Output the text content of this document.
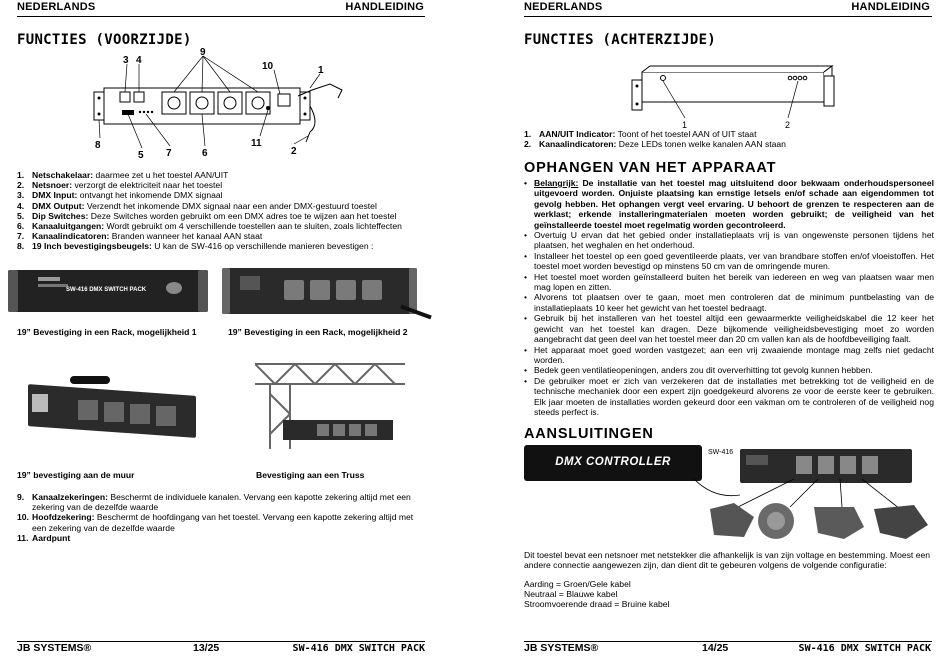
NEDERLANDS	HANDLEIDING
FUNCTIES (VOORZIJDE)
3 4
9
10	1
8
5 7	6
11
2
1. Netschakelaar: daarmee zet u het toestel AAN/UIT
2. Netsnoer: verzorgt de elektriciteit naar het toestel
3. DMX Input: ontvangt het inkomende DMX signaal
4. DMX Output: Verzendt het inkomende DMX signaal naar een ander DMX-gestuurd toestel
5. Dip Switches: Deze Switches worden gebruikt om een DMX adres toe te wijzen aan het toestel
6. Kanaaluitgangen: Wordt gebruikt om 4 verschillende toestellen aan te sluiten, zoals lichteffecten
7. Kanaalindicatoren: Branden wanneer het kanaal AAN staat
8. 19 Inch bevestigingsbeugels: U kan de SW-416 op verschillende manieren bevestigen :
SW-416 DMX SWITCH PACK
19” Bevestiging in een Rack, mogelijkheid 1	19” Bevestiging in een Rack, mogelijkheid 2
19” bevestiging aan de muur	Bevestiging aan een Truss
9. Kanaalzekeringen: Beschermt de individuele kanalen. Vervang een kapotte zekering altijd met een zekering van de dezelfde waarde
10. Hoofdzekering: Beschermt de hoofdingang van het toestel. Vervang een kapotte zekering altijd met een zekering van de dezelfde waarde
11. Aardpunt
JB SYSTEMS®	13/25	SW-416 DMX SWITCH PACK
NEDERLANDS	HANDLEIDING
FUNCTIES (ACHTERZIJDE)
1	2
1. AAN/UIT Indicator: Toont of het toestel AAN of UIT staat
2. Kanaalindicatoren: Deze LEDs tonen welke kanalen AAN staan
OPHANGEN VAN HET APPARAAT
• Belangrijk: De installatie van het toestel mag uitsluitend door bekwaam onderhoudspersoneel uitgevoerd worden. Onjuiste plaatsing kan ernstige letsels en/of schade aan eigendommen tot gevolg hebben. Het ophangen vergt veel ervaring. U behoort de grenzen te respecteren aan de werklast; erkende installeringmaterialen moeten worden gebruikt; de veiligheid van het geïnstalleerde toestel moet regelmatig worden gecontroleerd.
• Overtuig U ervan dat het gebied onder installatieplaats vrij is van ongewenste personen tijdens het plaatsen, het weghalen en het onderhoud.
• Installeer het toestel op een goed geventileerde plaats, ver van brandbare stoffen en/of vloeistoffen. Het toestel moet worden bevestigd op minstens 50 cm van de omringende muren.
• Het toestel moet worden geïnstalleerd buiten het bereik van iedereen en weg van plaatsen waar men mag lopen en zitten.
• Alvorens tot plaatsen over te gaan, moet men controleren dat de minimum puntbelasting van de installatieplaats 10 keer het gewicht van het toestel bedraagt.
• Gebruik bij het installeren van het toestel altijd een gewaarmerkte veiligheidskabel die 12 keer het gewicht van het toestel kan dragen. Deze bijkomende veiligheidsbevestiging moet zo worden aangebracht dat geen deel van het toestel meer dan 20 cm vallen kan als de hoofdbeveiliging faalt.
• Het apparaat moet goed worden vastgezet; aan een vrij zwaaiende montage mag zelfs niet gedacht worden.
• Bedek geen ventilatieopeningen, anders zou dit oververhitting tot gevolg kunnen hebben.
• De gebruiker moet er zich van verzekeren dat de installaties met betrekking tot de veiligheid en de technische mechaniek door een expert zijn goedgekeurd alvorens ze voor de eerste keer te gebruiken. Elk jaar moeten de installaties worden gekeurd door een vakman om te controleren of de veiligheid nog steeds perfect is.
AANSLUITINGEN
DMX CONTROLLER
SW-416
Dit toestel bevat een netsnoer met netstekker die afhankelijk is van zijn voltage en bestemming. Moest een andere connectie aangewezen zijn, dan dient dit te gebeuren volgens de volgende configuratie:
Aarding = Groen/Gele kabel
Neutraal = Blauwe kabel
Stroomvoerende draad = Bruine kabel
JB SYSTEMS®	14/25	SW-416 DMX SWITCH PACK
